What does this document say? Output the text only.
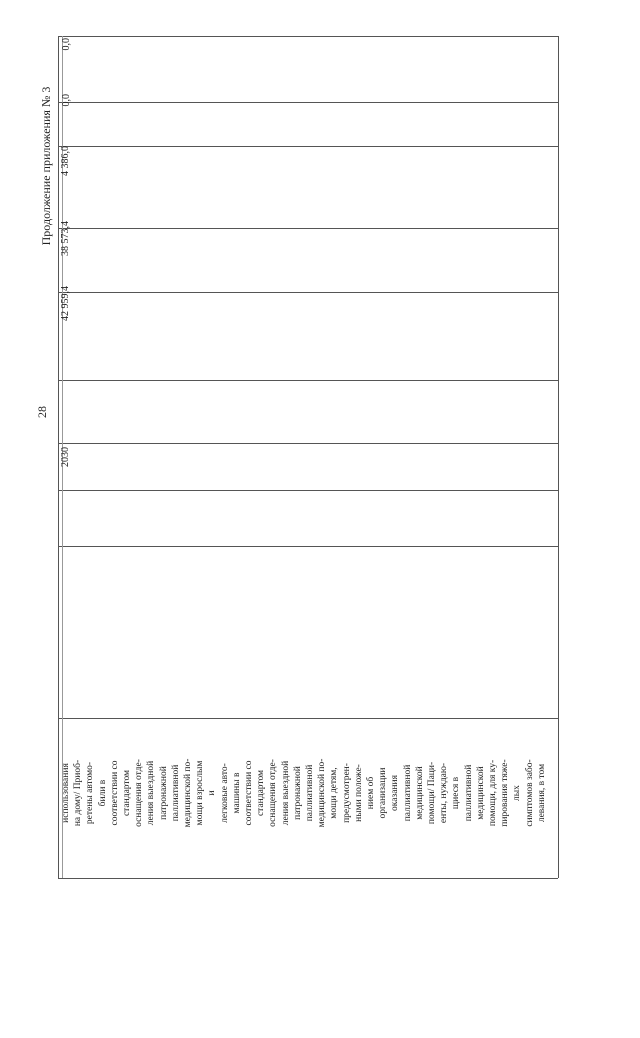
28
Продолжение приложения № 3
0,0
0,0
4 386,0
38 573,4
42 959,4
2030
использования на дому/ Приоб- ретены автомо- били в соответствии со стандартом оснащения отде- ления выездной патронажной паллиативной медицинской по- мощи взрослым и легковые авто- машины в соответствии со стандартом оснащения отде- ления выездной патронажной паллиативной медицинской по- мощи детям, предусмотрен- ными положе- нием об организации оказания паллиативной медицинской помощи/ Паци- енты, нуждаю- щиеся в паллиативной медицинской помощи, для ку- пирования тяже- лых симптомов забо- левания, в том
